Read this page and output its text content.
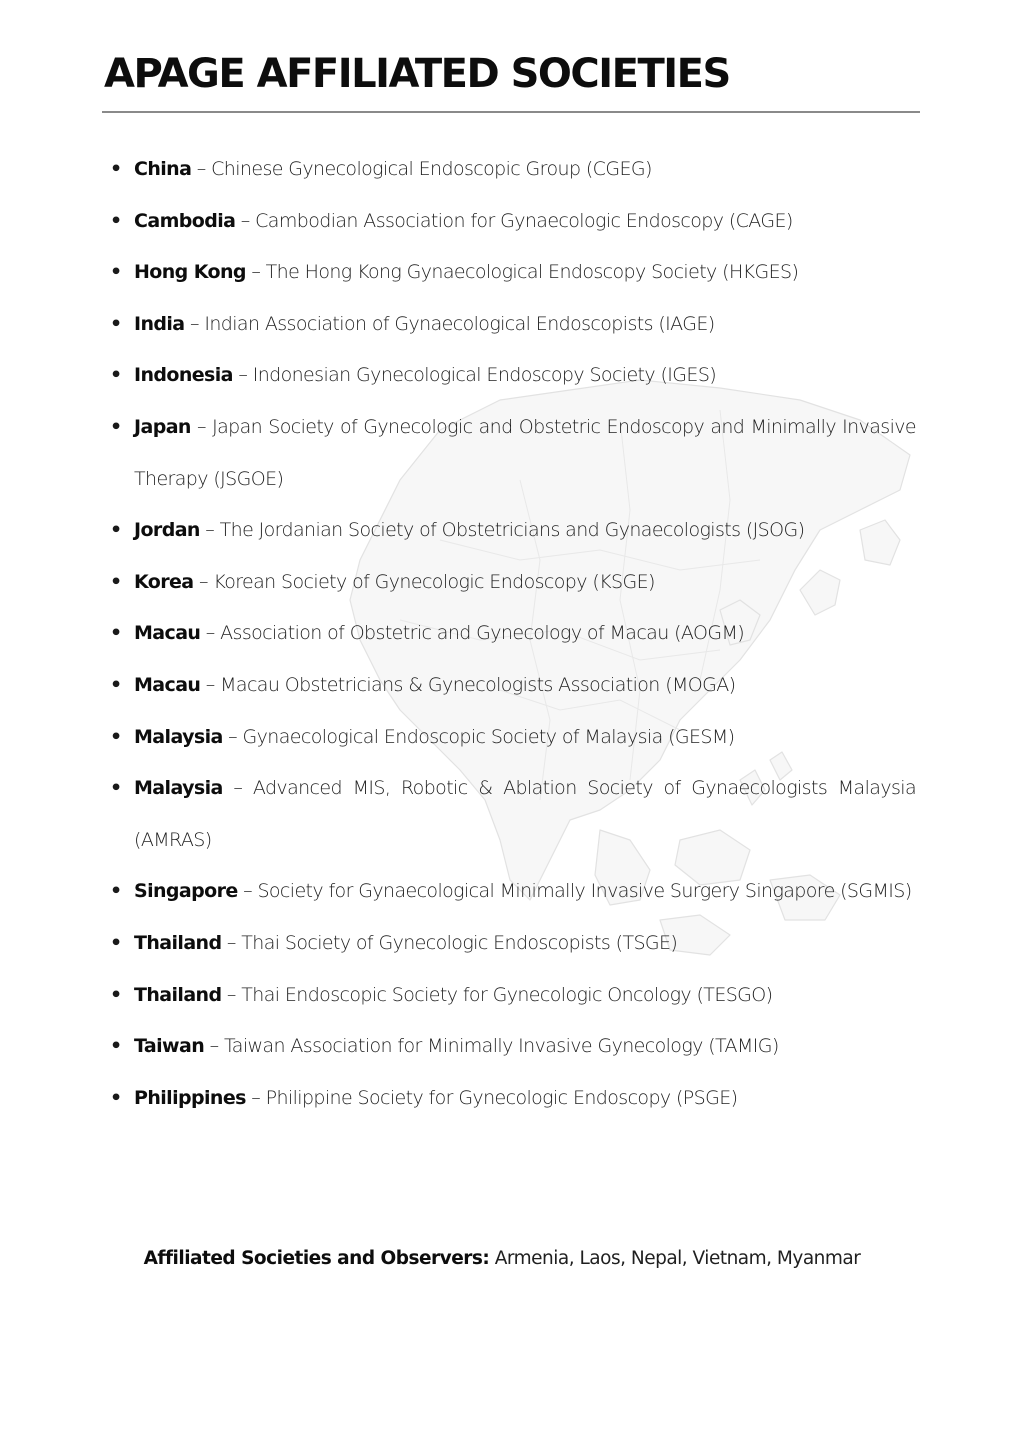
APAGE AFFILIATED SOCIETIES
• China – Chinese Gynecological Endoscopic Group (CGEG)
• Cambodia – Cambodian Association for Gynaecologic Endoscopy (CAGE)
• Hong Kong – The Hong Kong Gynaecological Endoscopy Society (HKGES)
• India – Indian Association of Gynaecological Endoscopists (IAGE)
• Indonesia – Indonesian Gynecological Endoscopy Society (IGES)
• Japan – Japan Society of Gynecologic and Obstetric Endoscopy and Minimally Invasive Therapy (JSGOE)
• Jordan – The Jordanian Society of Obstetricians and Gynaecologists (JSOG)
• Korea – Korean Society of Gynecologic Endoscopy (KSGE)
• Macau – Association of Obstetric and Gynecology of Macau (AOGM)
• Macau – Macau Obstetricians & Gynecologists Association (MOGA)
• Malaysia – Gynaecological Endoscopic Society of Malaysia (GESM)
• Malaysia – Advanced MIS, Robotic & Ablation Society of Gynaecologists Malaysia (AMRAS)
• Singapore – Society for Gynaecological Minimally Invasive Surgery Singapore (SGMIS)
• Thailand – Thai Society of Gynecologic Endoscopists (TSGE)
• Thailand – Thai Endoscopic Society for Gynecologic Oncology (TESGO)
• Taiwan – Taiwan Association for Minimally Invasive Gynecology (TAMIG)
• Philippines – Philippine Society for Gynecologic Endoscopy (PSGE)

Affiliated Societies and Observers: Armenia, Laos, Nepal, Vietnam, Myanmar
